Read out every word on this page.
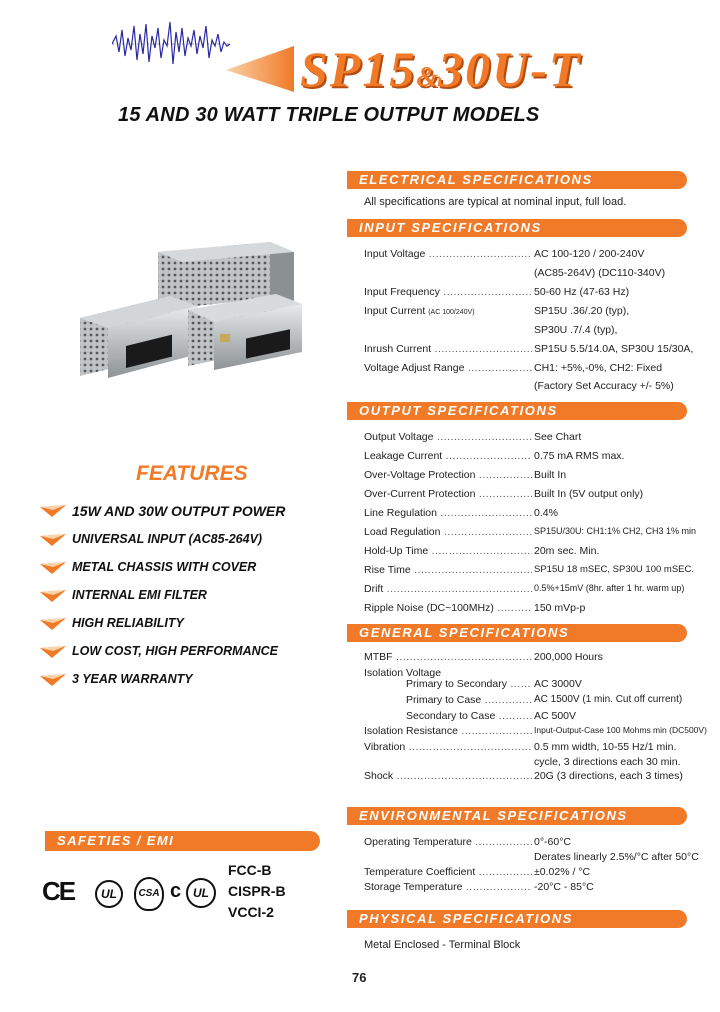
SP15&30U-T
15 AND 30 WATT TRIPLE OUTPUT MODELS
ELECTRICAL SPECIFICATIONS
All specifications are typical at nominal input, full load.
INPUT SPECIFICATIONS
Input Voltage .....	AC 100-120 / 200-240V
(AC85-264V) (DC110-340V)
Input Frequency .....	50-60 Hz (47-63 Hz)
Input Current (AC 100/240V)	SP15U .36/.20 (typ),
SP30U .7/.4 (typ),
Inrush Current .....	SP15U 5.5/14.0A, SP30U 15/30A,
Voltage Adjust Range .....	CH1: +5%,-0%, CH2: Fixed
(Factory Set Accuracy +/- 5%)
OUTPUT SPECIFICATIONS
Output Voltage .....	See Chart
Leakage Current .....	0.75 mA RMS max.
Over-Voltage Protection .....	Built In
Over-Current Protection .....	Built In (5V output only)
Line Regulation .....	0.4%
Load Regulation .....	SP15U/30U: CH1:1% CH2, CH3 1% min
Hold-Up Time .....	20m sec. Min.
Rise Time .....	SP15U 18 mSEC, SP30U 100 mSEC.
Drift .....	0.5%+15mV (8hr. after 1 hr. warm up)
Ripple Noise (DC~100MHz) .....	150 mVp-p
GENERAL SPECIFICATIONS
MTBF .....	200,000 Hours
Isolation Voltage
Primary to Secondary .....	AC 3000V
Primary to Case .....	AC 1500V (1 min. Cut off current)
Secondary to Case .....	AC 500V
Isolation Resistance .....	Input-Output-Case 100 Mohms min (DC500V)
Vibration .....	0.5 mm width, 10-55 Hz/1 min.
cycle, 3 directions each 30 min.
Shock .....	20G (3 directions, each 3 times)
ENVIRONMENTAL SPECIFICATIONS
Operating Temperature .....	0°-60°C
Derates linearly 2.5%/°C after 50°C
Temperature Coefficient .....	±0.02% / °C
Storage Temperature .....	-20°C - 85°C
PHYSICAL SPECIFICATIONS
Metal Enclosed - Terminal Block
FEATURES
15W AND 30W OUTPUT POWER
UNIVERSAL INPUT (AC85-264V)
METAL CHASSIS WITH COVER
INTERNAL EMI FILTER
HIGH RELIABILITY
LOW COST, HIGH PERFORMANCE
3 YEAR WARRANTY
SAFETIES / EMI
CE	UL	CSA c UL
FCC-B
CISPR-B
VCCI-2
76
